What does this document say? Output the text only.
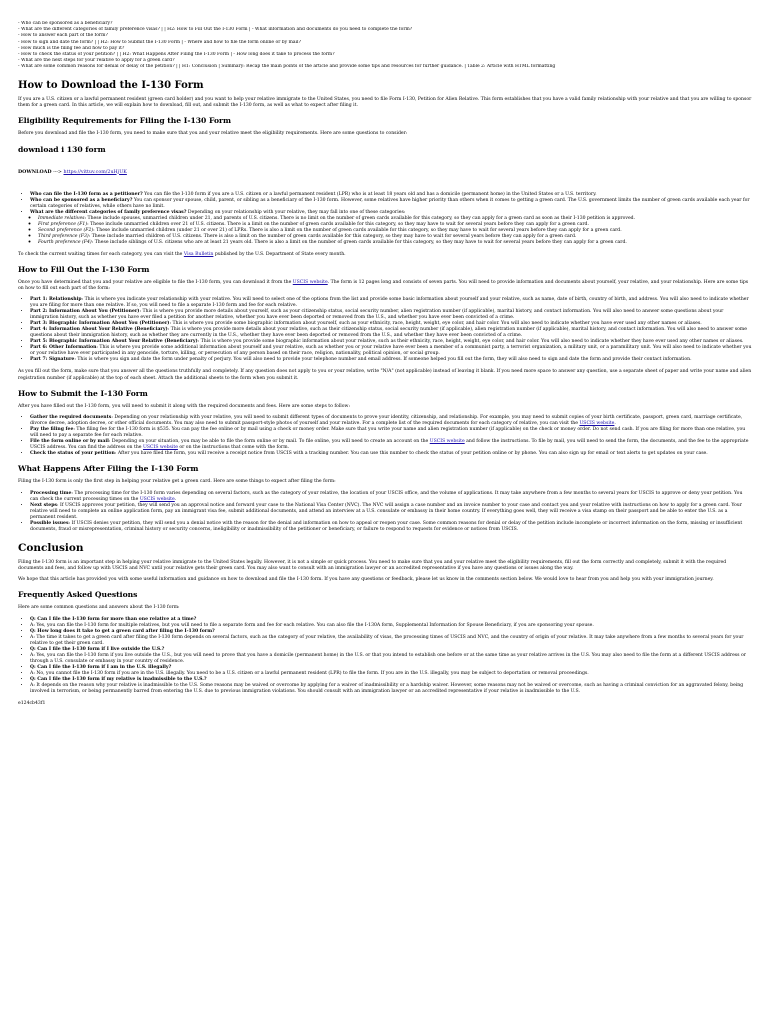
- Who can be sponsored as a beneficiary?
- What are the different categories of family preference visas? | | H2: How to Fill Out the I-130 Form | - What information and documents do you need to complete the form?
- How to answer each part of the form?
- How to sign and date the form? | | H2: How to Submit the I-130 Form | - Where and how to file the form online or by mail?
- How much is the filing fee and how to pay it?
- How to check the status of your petition? | | H2: What Happens After Filing the I-130 Form | - How long does it take to process the form?
- What are the next steps for your relative to apply for a green card?
- What are some common reasons for denial or delay of the petition? | | H1: Conclusion | Summary: Recap the main points of the article and provide some tips and resources for further guidance. | Table 2: Article with HTML formatting
How to Download the I-130 Form

If you are a U.S. citizen or a lawful permanent resident (green card holder) and you want to help your relative immigrate to the United States, you need to file Form I-130, Petition for Alien Relative. This form establishes that you have a valid family relationship with your relative and that you are willing to sponsor them for a green card. In this article, we will explain how to download, fill out, and submit the I-130 form, as well as what to expect after filing it.

Eligibility Requirements for Filing the I-130 Form

Before you download and file the I-130 form, you need to make sure that you and your relative meet the eligibility requirements. Here are some questions to consider:

download i 130 form
DOWNLOAD ---> https://vittuv.com/2uHjUK
• Who can file the I-130 form as a petitioner? You can file the I-130 form if you are a U.S. citizen or a lawful permanent resident (LPR) who is at least 18 years old and has a domicile (permanent home) in the United States or a U.S. territory.
• Who can be sponsored as a beneficiary? You can sponsor your spouse, child, parent, or sibling as a beneficiary of the I-130 form. However, some relatives have higher priority than others when it comes to getting a green card. The U.S. government limits the number of green cards available each year for certain categories of relatives, while others have no limit.
• What are the different categories of family preference visas? Depending on your relationship with your relative, they may fall into one of these categories:
◦ Immediate relatives: These include spouses, unmarried children under 21, and parents of U.S. citizens. There is no limit on the number of green cards available for this category, so they can apply for a green card as soon as their I-130 petition is approved.
◦ First preference (F1): These include unmarried children over 21 of U.S. citizens. There is a limit on the number of green cards available for this category, so they may have to wait for several years before they can apply for a green card.
◦ Second preference (F2): These include unmarried children (under 21 or over 21) of LPRs. There is also a limit on the number of green cards available for this category, so they may have to wait for several years before they can apply for a green card.
◦ Third preference (F3): These include married children of U.S. citizens. There is also a limit on the number of green cards available for this category, so they may have to wait for several years before they can apply for a green card.
◦ Fourth preference (F4): These include siblings of U.S. citizens who are at least 21 years old. There is also a limit on the number of green cards available for this category, so they may have to wait for several years before they can apply for a green card.

To check the current waiting times for each category, you can visit the Visa Bulletin published by the U.S. Department of State every month.

How to Fill Out the I-130 Form

Once you have determined that you and your relative are eligible to file the I-130 form, you can download it from the USCIS website. The form is 12 pages long and consists of seven parts. You will need to provide information and documents about yourself, your relative, and your relationship. Here are some tips on how to fill out each part of the form:

• Part 1: Relationship: This is where you indicate your relationship with your relative. You will need to select one of the options from the list and provide some basic information about yourself and your relative, such as name, date of birth, country of birth, and address. You will also need to indicate whether you are filing for more than one relative. If so, you will need to file a separate I-130 form and fee for each relative.
• Part 2: Information About You (Petitioner): This is where you provide more details about yourself, such as your citizenship status, social security number, alien registration number (if applicable), marital history, and contact information. You will also need to answer some questions about your immigration history, such as whether you have ever filed a petition for another relative, whether you have ever been deported or removed from the U.S., and whether you have ever been convicted of a crime.
• Part 3: Biographic Information About You (Petitioner): This is where you provide some biographic information about yourself, such as your ethnicity, race, height, weight, eye color, and hair color. You will also need to indicate whether you have ever used any other names or aliases.
• Part 4: Information About Your Relative (Beneficiary): This is where you provide more details about your relative, such as their citizenship status, social security number (if applicable), alien registration number (if applicable), marital history, and contact information. You will also need to answer some questions about their immigration history, such as whether they are currently in the U.S., whether they have ever been deported or removed from the U.S., and whether they have ever been convicted of a crime.
• Part 5: Biographic Information About Your Relative (Beneficiary): This is where you provide some biographic information about your relative, such as their ethnicity, race, height, weight, eye color, and hair color. You will also need to indicate whether they have ever used any other names or aliases.
• Part 6: Other Information: This is where you provide some additional information about yourself and your relative, such as whether you or your relative have ever been a member of a communist party, a terrorist organization, a military unit, or a paramilitary unit. You will also need to indicate whether you or your relative have ever participated in any genocide, torture, killing, or persecution of any person based on their race, religion, nationality, political opinion, or social group.
• Part 7: Signature: This is where you sign and date the form under penalty of perjury. You will also need to provide your telephone number and email address. If someone helped you fill out the form, they will also need to sign and date the form and provide their contact information.

As you fill out the form, make sure that you answer all the questions truthfully and completely. If any question does not apply to you or your relative, write "N/A" (not applicable) instead of leaving it blank. If you need more space to answer any question, use a separate sheet of paper and write your name and alien registration number (if applicable) at the top of each sheet. Attach the additional sheets to the form when you submit it.

How to Submit the I-130 Form

After you have filled out the I-130 form, you will need to submit it along with the required documents and fees. Here are some steps to follow:

• Gather the required documents: Depending on your relationship with your relative, you will need to submit different types of documents to prove your identity, citizenship, and relationship. For example, you may need to submit copies of your birth certificate, passport, green card, marriage certificate, divorce decree, adoption decree, or other official documents. You may also need to submit passport-style photos of yourself and your relative. For a complete list of the required documents for each category of relative, you can visit the USCIS website.
• Pay the filing fee: The filing fee for the I-130 form is $535. You can pay the fee online or by mail using a check or money order. Make sure that you write your name and alien registration number (if applicable) on the check or money order. Do not send cash. If you are filing for more than one relative, you will need to pay a separate fee for each relative.
• File the form online or by mail: Depending on your situation, you may be able to file the form online or by mail. To file online, you will need to create an account on the USCIS website and follow the instructions. To file by mail, you will need to send the form, the documents, and the fee to the appropriate USCIS address. You can find the address on the USCIS website or on the instructions that come with the form.
• Check the status of your petition: After you have filed the form, you will receive a receipt notice from USCIS with a tracking number. You can use this number to check the status of your petition online or by phone. You can also sign up for email or text alerts to get updates on your case.
What Happens After Filing the I-130 Form

Filing the I-130 form is only the first step in helping your relative get a green card. Here are some things to expect after filing the form:

• Processing time: The processing time for the I-130 form varies depending on several factors, such as the category of your relative, the location of your USCIS office, and the volume of applications. It may take anywhere from a few months to several years for USCIS to approve or deny your petition. You can check the current processing times on the USCIS website.
• Next steps: If USCIS approves your petition, they will send you an approval notice and forward your case to the National Visa Center (NVC). The NVC will assign a case number and an invoice number to your case and contact you and your relative with instructions on how to apply for a green card. Your relative will need to complete an online application form, pay an immigrant visa fee, submit additional documents, and attend an interview at a U.S. consulate or embassy in their home country. If everything goes well, they will receive a visa stamp on their passport and be able to enter the U.S. as a permanent resident.
• Possible issues: If USCIS denies your petition, they will send you a denial notice with the reason for the denial and information on how to appeal or reopen your case. Some common reasons for denial or delay of the petition include incomplete or incorrect information on the form, missing or insufficient documents, fraud or misrepresentation, criminal history or security concerns, ineligibility or inadmissibility of the petitioner or beneficiary, or failure to respond to requests for evidence or notices from USCIS.
Conclusion

Filing the I-130 form is an important step in helping your relative immigrate to the United States legally. However, it is not a simple or quick process. You need to make sure that you and your relative meet the eligibility requirements, fill out the form correctly and completely, submit it with the required documents and fees, and follow up with USCIS and NVC until your relative gets their green card. You may also want to consult with an immigration lawyer or an accredited representative if you have any questions or issues along the way.

We hope that this article has provided you with some useful information and guidance on how to download and file the I-130 form. If you have any questions or feedback, please let us know in the comments section below. We would love to hear from you and help you with your immigration journey.

Frequently Asked Questions

Here are some common questions and answers about the I-130 form:

• Q: Can I file the I-130 form for more than one relative at a time?
• A: Yes, you can file the I-130 form for multiple relatives, but you will need to file a separate form and fee for each relative. You can also file the I-130A form, Supplemental Information for Spouse Beneficiary, if you are sponsoring your spouse.
• Q: How long does it take to get a green card after filing the I-130 form?
• A: The time it takes to get a green card after filing the I-130 form depends on several factors, such as the category of your relative, the availability of visas, the processing times of USCIS and NVC, and the country of origin of your relative. It may take anywhere from a few months to several years for your relative to get their green card.
• Q: Can I file the I-130 form if I live outside the U.S.?
• A: Yes, you can file the I-130 form if you live outside the U.S., but you will need to prove that you have a domicile (permanent home) in the U.S. or that you intend to establish one before or at the same time as your relative arrives in the U.S. You may also need to file the form at a different USCIS address or through a U.S. consulate or embassy in your country of residence.
• Q: Can I file the I-130 form if I am in the U.S. illegally?
• A: No, you cannot file the I-130 form if you are in the U.S. illegally. You need to be a U.S. citizen or a lawful permanent resident (LPR) to file the form. If you are in the U.S. illegally, you may be subject to deportation or removal proceedings.
• Q: Can I file the I-130 form if my relative is inadmissible to the U.S.?
• A: It depends on the reason why your relative is inadmissible to the U.S. Some reasons may be waived or overcome by applying for a waiver of inadmissibility or a hardship waiver. However, some reasons may not be waived or overcome, such as having a criminal conviction for an aggravated felony, being involved in terrorism, or being permanently barred from entering the U.S. due to previous immigration violations. You should consult with an immigration lawyer or an accredited representative if your relative is inadmissible to the U.S.
e124cb43f1
